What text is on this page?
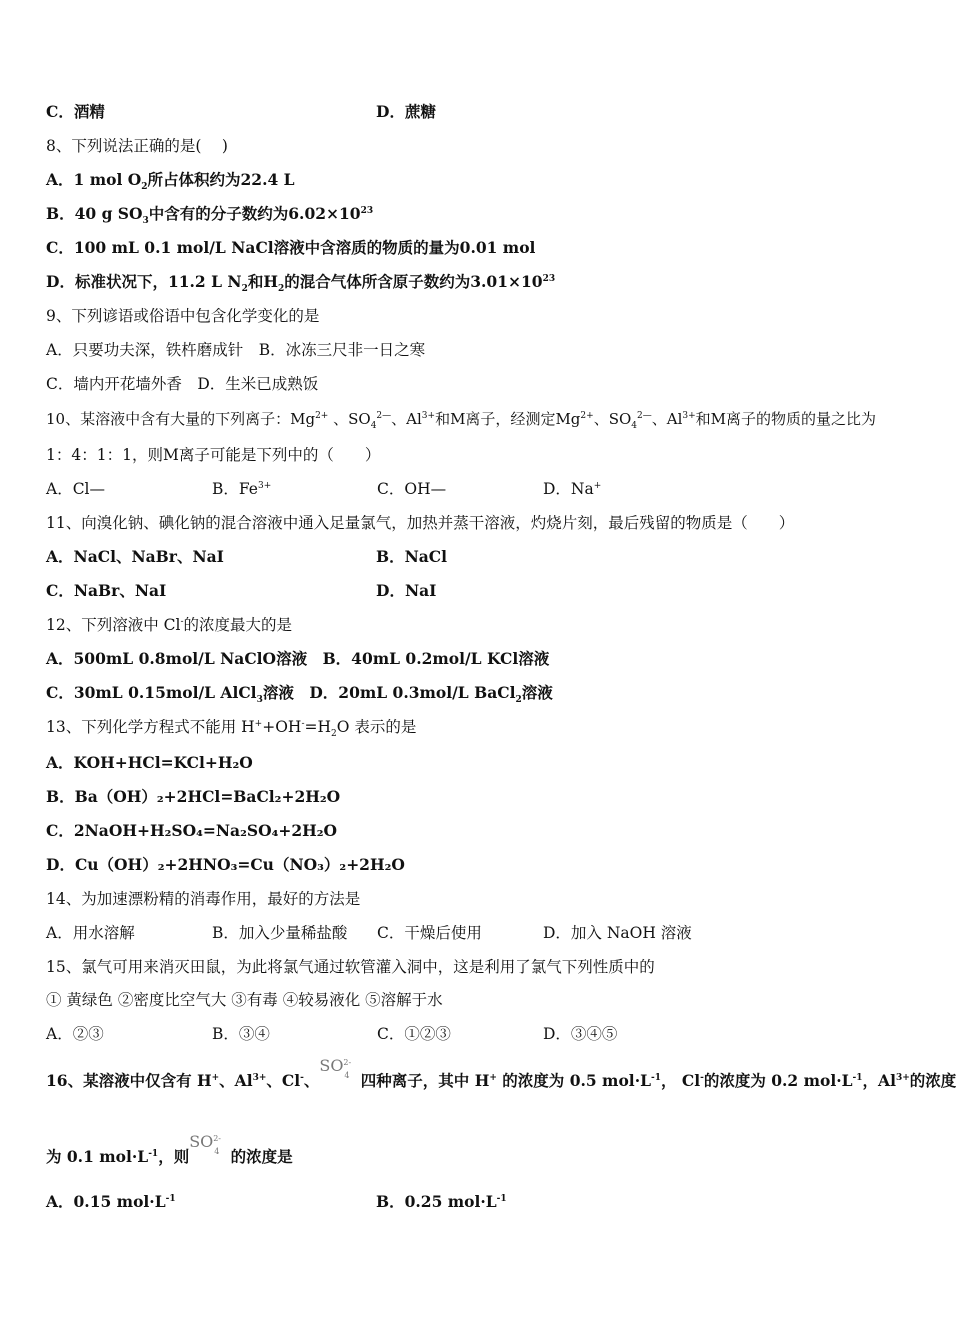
C．酒精	D．蔗糖
8、下列说法正确的是(　 )
A．1 mol $O_2$所占体积约为22.4 L
B．40 g $SO_3$中含有的分子数约为$6.02\times 10^{23}$
C．100 mL 0.1 mol/L NaCl溶液中含溶质的物质的量为0.01 mol
D．标准状况下，11.2 L $N_2$和$H_2$的混合气体所含原子数约为$3.01\times 10^{23}$
9、下列谚语或俗语中包含化学变化的是
A．只要功夫深，铁杵磨成针　B．冰冻三尺非一日之寒
C．墙内开花墙外香　D．生米已成熟饭
10、某溶液中含有大量的下列离子：$Mg^{2+}$ 、$SO_4^{2—}$、$Al^{3+}$和M离子，经测定$Mg^{2+}$、$SO_4^{2—}$、$Al^{3+}$和M离子的物质的量之比为
1：4：1：1，则M离子可能是下列中的（　　）
A．Cl—	B．$Fe^{3+}$	C．OH—	D．Na+
11、向溴化钠、碘化钠的混合溶液中通入足量氯气，加热并蒸干溶液，灼烧片刻，最后残留的物质是（　　）
A．NaCl、NaBr、NaI	B．NaCl
C．NaBr、NaI	D．NaI
12、下列溶液中 Cl-的浓度最大的是
A．500mL 0.8mol/L NaClO溶液　B．40mL 0.2mol/L KCl溶液
C．30mL 0.15mol/L AlCl$_3$溶液　D．20mL 0.3mol/L BaCl$_2$溶液
13、下列化学方程式不能用 $H^++OH^-=H_2O$ 表示的是
A．KOH+HCl=KCl+H₂O
B．Ba（OH）₂+2HCl=BaCl₂+2H₂O
C．2NaOH+H₂SO₄=Na₂SO₄+2H₂O
D．Cu（OH）₂+2HNO₃=Cu（NO₃）₂+2H₂O
14、为加速漂粉精的消毒作用，最好的方法是
A．用水溶解	B．加入少量稀盐酸 C．干燥后使用	D．加入 NaOH 溶液
15、氯气可用来消灭田鼠，为此将氯气通过软管灌入洞中，这是利用了氯气下列性质中的
① 黄绿色 ②密度比空气大 ③有毒 ④较易液化 ⑤溶解于水
A．②③	B．③④	C．①②③	D．③④⑤
16、某溶液中仅含有 H+、$Al^{3+}$、Cl-、
SO 2-
4 四种离子，其中 H+ 的浓度为 0.5 $mol\cdot L^{-1}$， Cl-的浓度为 0.2 $mol\cdot L^{-1}$，$Al^{3+}$的浓度
为 0.1 $mol\cdot L^{-1}$，则
SO 2-
4 的浓度是
A．0.15 $mol\cdot L^{-1}$	B．0.25 $mol\cdot L^{-1}$
